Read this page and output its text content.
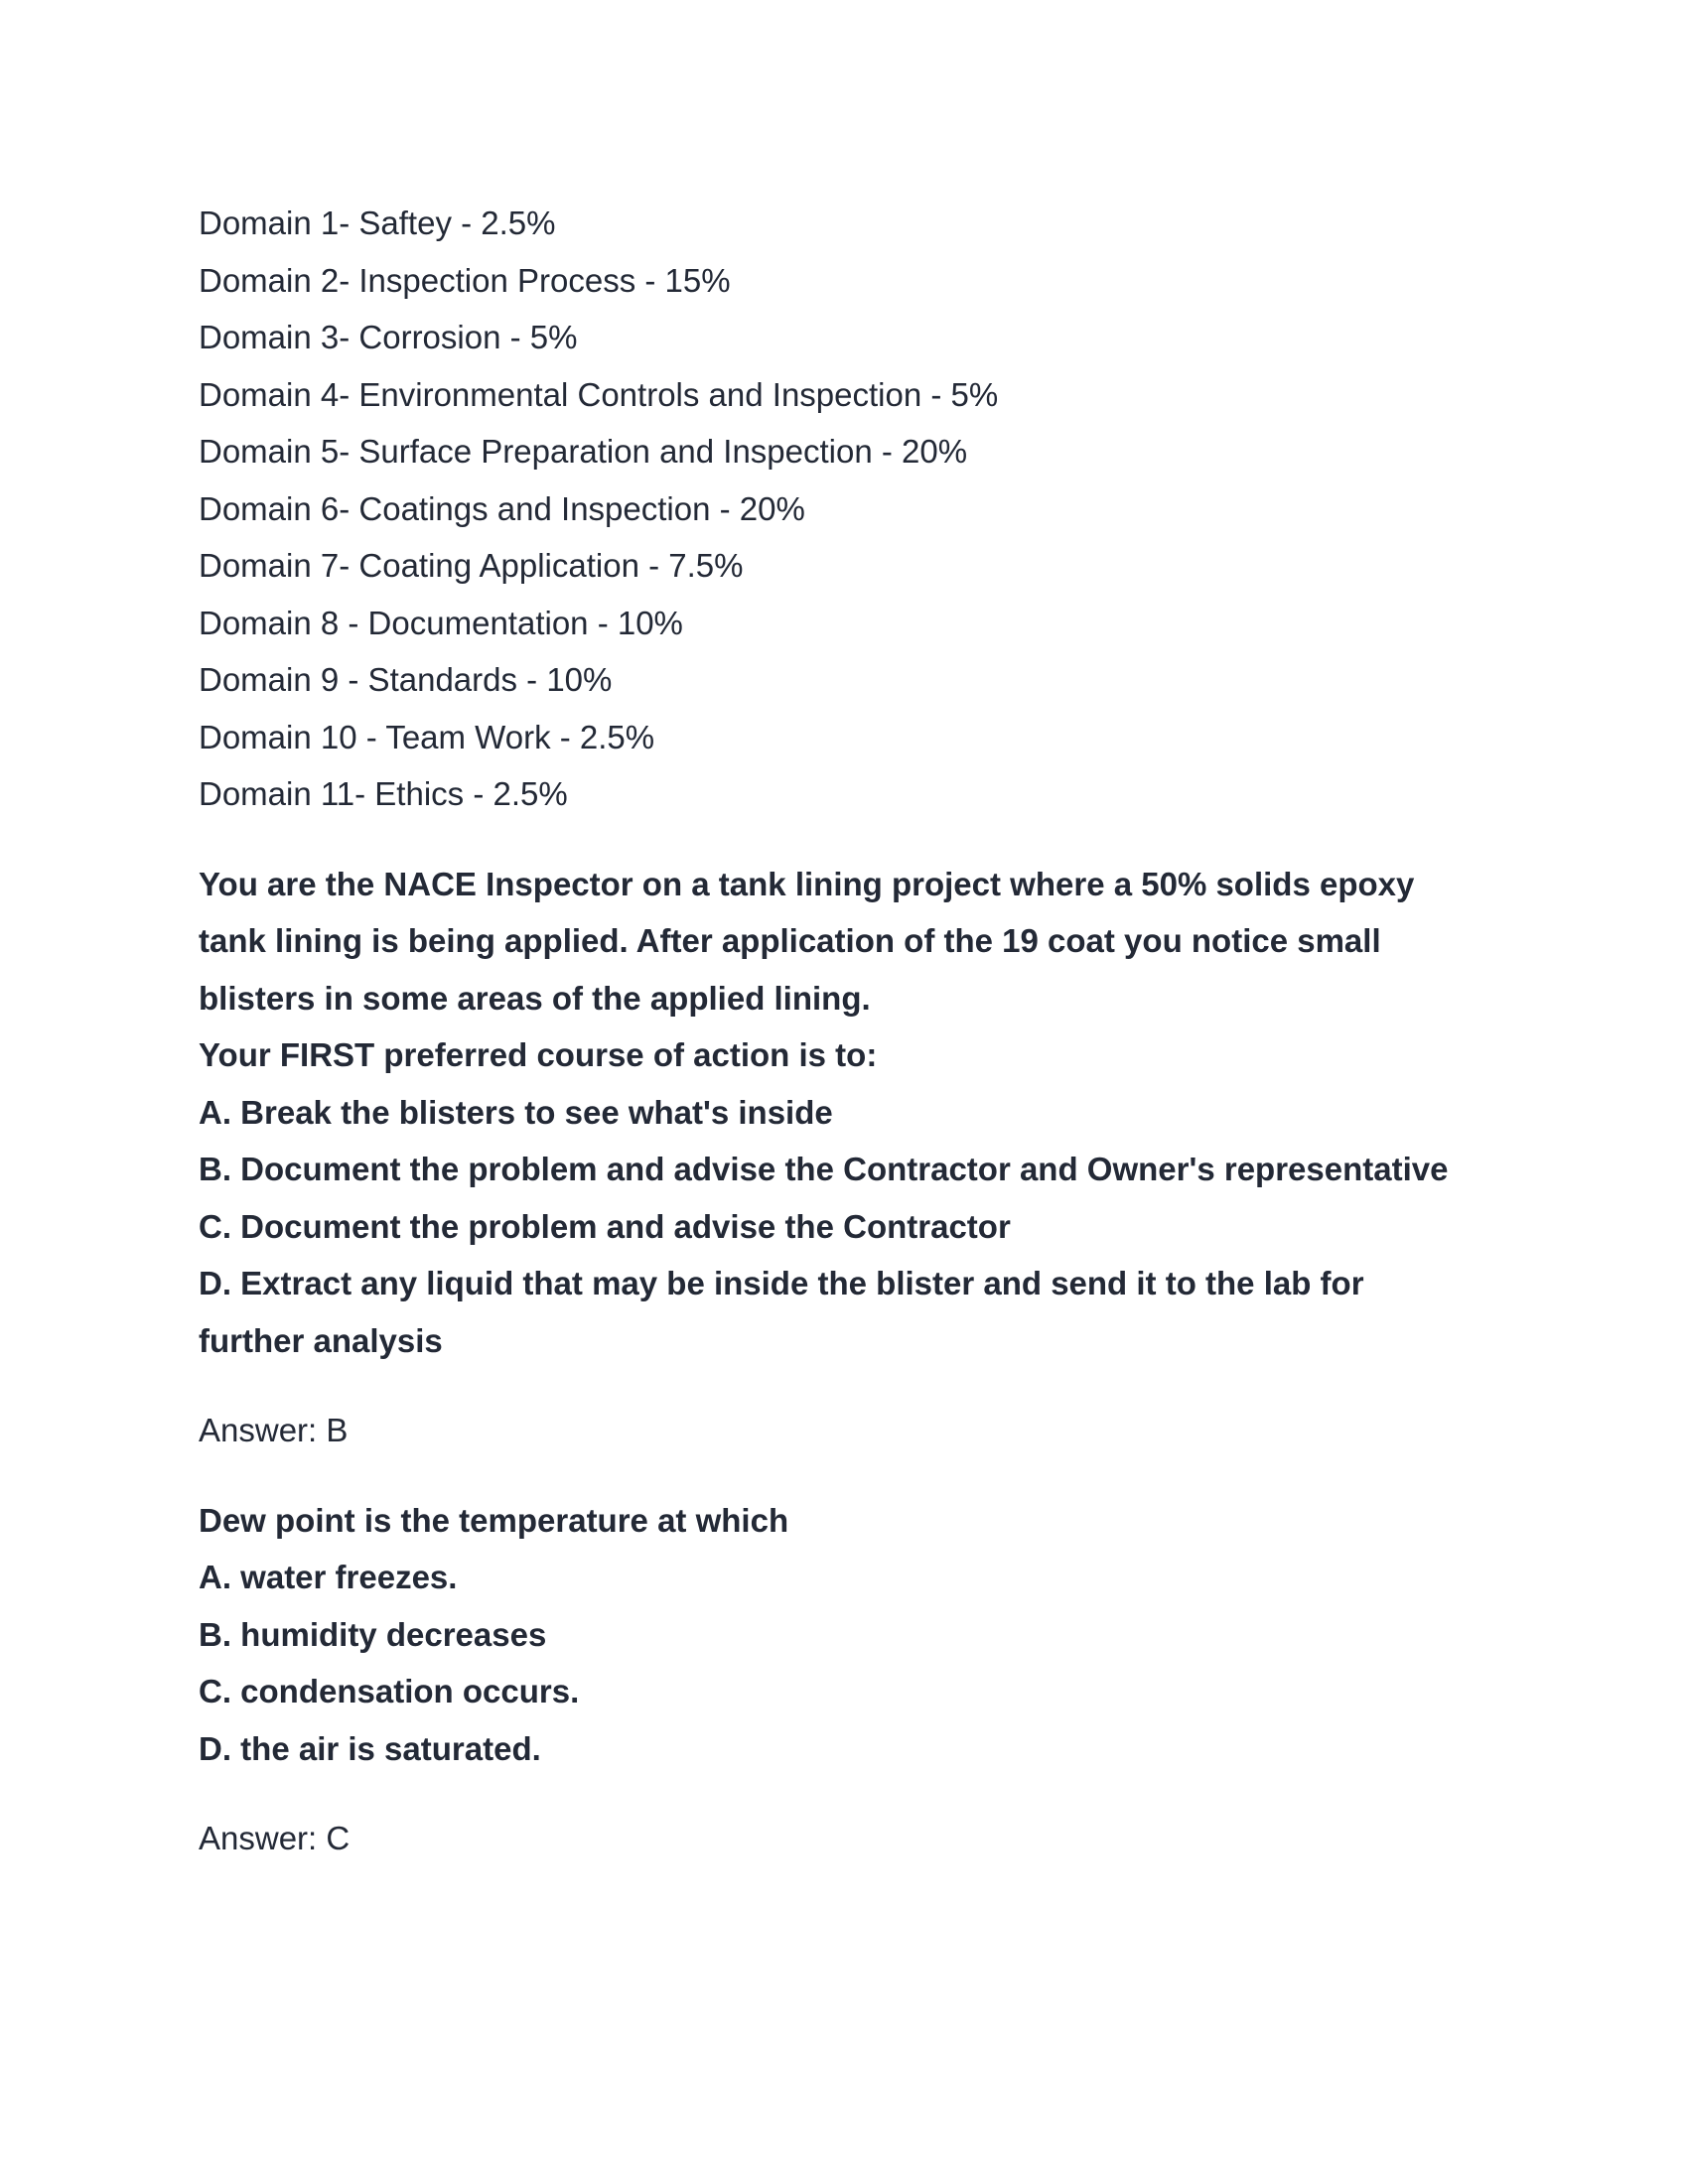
Domain 1- Saftey - 2.5%
Domain 2- Inspection Process - 15%
Domain 3- Corrosion - 5%
Domain 4- Environmental Controls and Inspection - 5%
Domain 5- Surface Preparation and Inspection - 20%
Domain 6- Coatings and Inspection - 20%
Domain 7- Coating Application - 7.5%
Domain 8 - Documentation - 10%
Domain 9 - Standards - 10%
Domain 10 - Team Work - 2.5%
Domain 11- Ethics - 2.5%
You are the NACE Inspector on a tank lining project where a 50% solids epoxy
tank lining is being applied. After application of the 19 coat you notice small
blisters in some areas of the applied lining.
Your FIRST preferred course of action is to:
A. Break the blisters to see what's inside
B. Document the problem and advise the Contractor and Owner's representative
C. Document the problem and advise the Contractor
D. Extract any liquid that may be inside the blister and send it to the lab for
further analysis
Answer: B
Dew point is the temperature at which
A. water freezes.
B. humidity decreases
C. condensation occurs.
D. the air is saturated.
Answer: C
